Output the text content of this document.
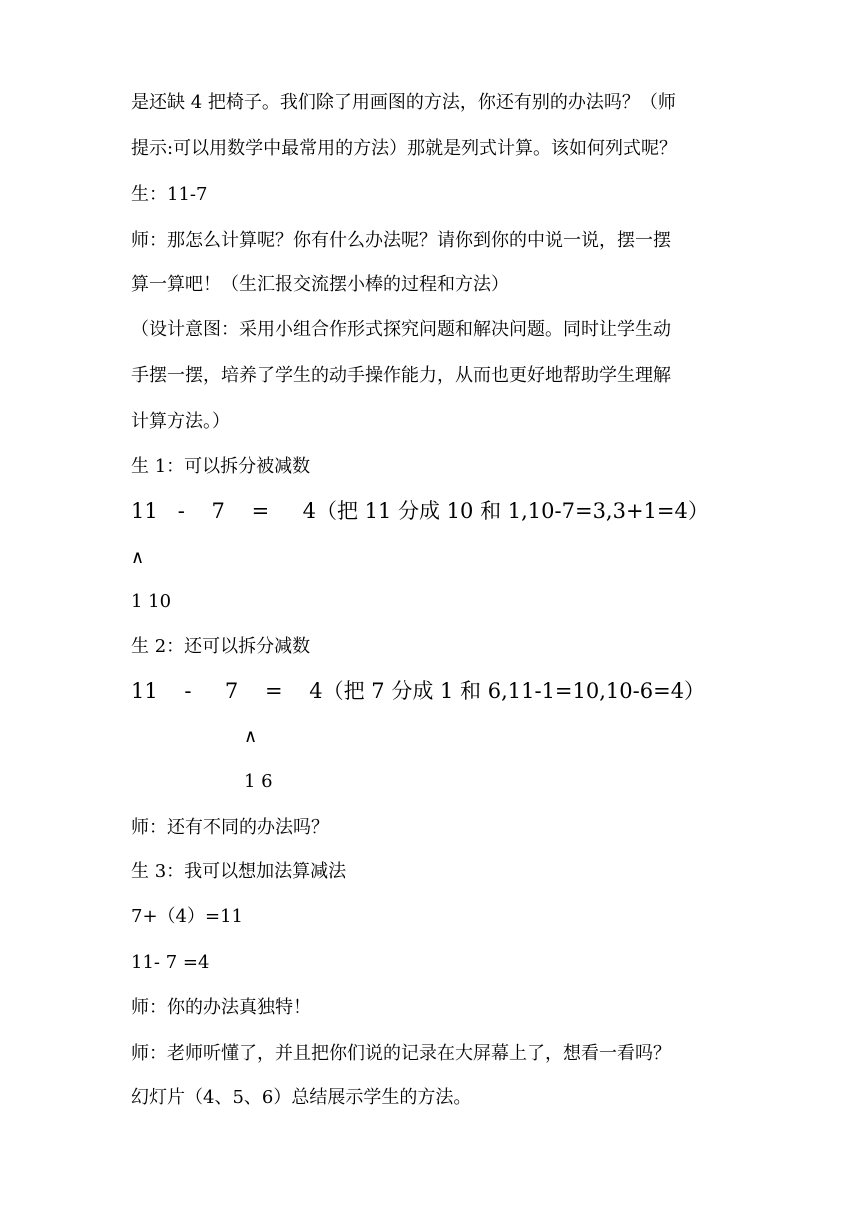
是还缺 4 把椅子。我们除了用画图的方法，你还有别的办法吗？（师
提示:可以用数学中最常用的方法）那就是列式计算。该如何列式呢？
生：11-7
师：那怎么计算呢？你有什么办法呢？请你到你的中说一说，摆一摆
算一算吧！（生汇报交流摆小棒的过程和方法）
（设计意图：采用小组合作形式探究问题和解决问题。同时让学生动
手摆一摆，培养了学生的动手操作能力，从而也更好地帮助学生理解
计算方法。）
生 1：可以拆分被减数
11   -    7    =     4（把 11 分成 10 和 1,10-7=3,3+1=4）
∧
1 10
生 2：还可以拆分减数
11    -     7    =    4（把 7 分成 1 和 6,11-1=10,10-6=4）
∧
1 6
师：还有不同的办法吗？
生 3：我可以想加法算减法
7+（4）=11
11- 7 =4
师：你的办法真独特！
师：老师听懂了，并且把你们说的记录在大屏幕上了，想看一看吗？
幻灯片（4、5、6）总结展示学生的方法。
